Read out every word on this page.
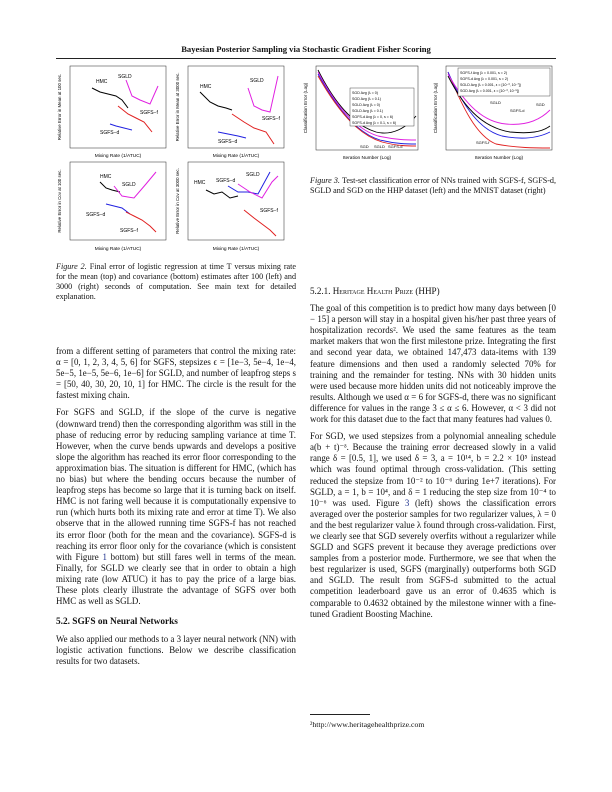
Bayesian Posterior Sampling via Stochastic Gradient Fisher Scoring
HMC
SGLD
SGFS−f
SGFS−d
Mixing Rate (1/ATUC)
Relative Error in Mean at 100 sec.	HMC
SGLD
SGFS−f
SGFS−d
Mixing Rate (1/ATUC)
Relative Error in Mean at 3000 sec.
HMC
SGLD
SGFS−d
SGFS−f
Mixing Rate (1/ATUC)
Relative Error in Cov at 100 sec.	HMC SGFS−d
SGLD
SGFS−f
Mixing Rate (1/ATUC)
Relative Error in Cov at 3000 sec.
Figure 2. Final error of logistic regression at time T versus mixing rate for the mean (top) and covariance (bottom) estimates after 100 (left) and 3000 (right) seconds of computation. See main text for detailed explanation.
SGD Avg (λ = 0)
SGD Avg (λ = 0.1)
SGLD Avg (λ = 0)
SGLD Avg (λ = 0.1)
SGFS-d Avg (λ = 0, s = 6)
SGFS-d Avg (λ = 0.1, s = 6)
SGD SGLD SGFS-d
Iteration Number (Log)
Classification Error (Log)
SGFS-f Avg (λ = 0.001, s = 2)
SGFS-d Avg (λ = 0.001, s = 2)
SGLD Avg (λ = 0.001, ε = [10⁻³, 10⁻⁷])
SGD Avg (λ = 0.001, ε = [10⁻³, 10⁻⁵])
SGLD
SGFS-d
SGD
SGFS-f
Iteration Number (Log)
Classification Error (Log)
Figure 3. Test-set classification error of NNs trained with SGFS-f, SGFS-d, SGLD and SGD on the HHP dataset (left) and the MNIST dataset (right)

from a different setting of parameters that control the mixing rate: α = [0, 1, 2, 3, 4, 5, 6] for SGFS, stepsizes ϵ = [1e−3, 5e−4, 1e−4, 5e−5, 1e−5, 5e−6, 1e−6] for SGLD, and number of leapfrog steps s = [50, 40, 30, 20, 10, 1] for HMC. The circle is the result for the fastest mixing chain.

For SGFS and SGLD, if the slope of the curve is negative (downward trend) then the corresponding algorithm was still in the phase of reducing error by reducing sampling variance at time T. However, when the curve bends upwards and develops a positive slope the algorithm has reached its error floor corresponding to the approximation bias. The situation is different for HMC, (which has no bias) but where the bending occurs because the number of leapfrog steps has become so large that it is turning back on itself. HMC is not faring well because it is computationally expensive to run (which hurts both its mixing rate and error at time T). We also observe that in the allowed running time SGFS-f has not reached its error floor (both for the mean and the covariance). SGFS-d is reaching its error floor only for the covariance (which is consistent with Figure 1 bottom) but still fares well in terms of the mean. Finally, for SGLD we clearly see that in order to obtain a high mixing rate (low ATUC) it has to pay the price of a large bias. These plots clearly illustrate the advantage of SGFS over both HMC as well as SGLD.

5.2. SGFS on Neural Networks

We also applied our methods to a 3 layer neural network (NN) with logistic activation functions. Below we describe classification results for two datasets.

5.2.1. Heritage Health Prize (HHP)

The goal of this competition is to predict how many days between [0 − 15] a person will stay in a hospital given his/her past three years of hospitalization records². We used the same features as the team market makers that won the first milestone prize. Integrating the first and second year data, we obtained 147,473 data-items with 139 feature dimensions and then used a randomly selected 70% for training and the remainder for testing. NNs with 30 hidden units were used because more hidden units did not noticeably improve the results. Although we used α = 6 for SGFS-d, there was no significant difference for values in the range 3 ≤ α ≤ 6. However, α < 3 did not work for this dataset due to the fact that many features had values 0.

For SGD, we used stepsizes from a polynomial annealing schedule a(b + t)⁻ᵟ. Because the training error decreased slowly in a valid range δ = [0.5, 1], we used δ = 3, a = 10¹⁴, b = 2.2 × 10⁵ instead which was found optimal through cross-validation. (This setting reduced the stepsize from 10⁻² to 10⁻⁶ during 1e+7 iterations). For SGLD, a = 1, b = 10⁴, and δ = 1 reducing the step size from 10⁻⁴ to 10⁻⁶ was used. Figure 3 (left) shows the classification errors averaged over the posterior samples for two regularizer values, λ = 0 and the best regularizer value λ found through cross-validation. First, we clearly see that SGD severely overfits without a regularizer while SGLD and SGFS prevent it because they average predictions over samples from a posterior mode. Furthermore, we see that when the best regularizer is used, SGFS (marginally) outperforms both SGD and SGLD. The result from SGFS-d submitted to the actual competition leaderboard gave us an error of 0.4635 which is comparable to 0.4632 obtained by the milestone winner with a fine-tuned Gradient Boosting Machine.

²http://www.heritagehealthprize.com
